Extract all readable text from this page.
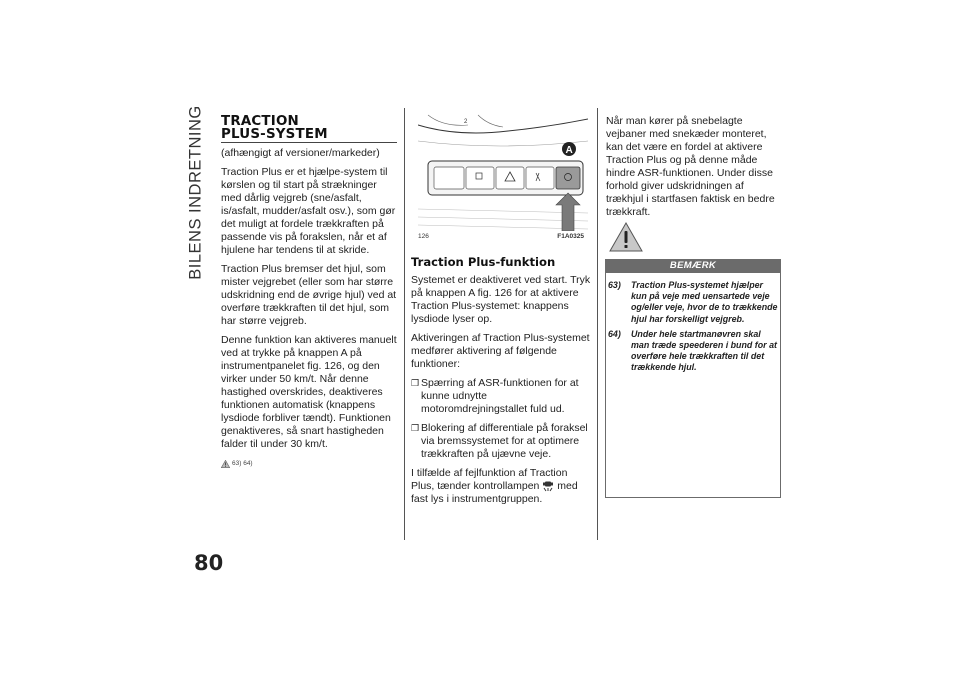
BILENS INDRETNING
80
TRACTION
PLUS-SYSTEM

(afhængigt af versioner/markeder)

Traction Plus er et hjælpe-system til kørslen og til start på strækninger med dårlig vejgreb (sne/asfalt, is/asfalt, mudder/asfalt osv.), som gør det muligt at fordele trækkraften på passende vis på forakslen, når et af hjulene har tendens til at skride.

Traction Plus bremser det hjul, som mister vejgrebet (eller som har større udskridning end de øvrige hjul) ved at overføre trækkraften til det hjul, som har større vejgreb.

Denne funktion kan aktiveres manuelt ved at trykke på knappen A på instrumentpanelet fig. 126, og den virker under 50 km/t. Når denne hastighed overskrides, deaktiveres funktionen automatisk (knappens lysdiode forbliver tændt). Funktionen genaktiveres, så snart hastigheden falder til under 30 km/t.

63) 64)
2
A
126	F1A0325
Traction Plus-funktion

Systemet er deaktiveret ved start. Tryk på knappen A fig. 126 for at aktivere Traction Plus-systemet: knappens lysdiode lyser op.

Aktiveringen af Traction Plus-systemet medfører aktivering af følgende funktioner:

❒ Spærring af ASR-funktionen for at kunne udnytte motoromdrejningstallet fuld ud.
❒ Blokering af differentiale på foraksel via bremssystemet for at optimere trækkraften på ujævne veje.

I tilfælde af fejlfunktion af Traction Plus, tænder kontrollampen med fast lys i instrumentgruppen.

Når man kører på snebelagte vejbaner med snekæder monteret, kan det være en fordel at aktivere Traction Plus og på denne måde hindre ASR-funktionen. Under disse forhold giver udskridningen af trækhjul i startfasen faktisk en bedre trækkraft.

BEMÆRK
63)	Traction Plus-systemet hjælper kun på veje med uensartede veje og/eller veje, hvor de to trækkende hjul har forskelligt vejgreb.
64)	Under hele startmanøvren skal man træde speederen i bund for at overføre hele trækkraften til det trækkende hjul.
